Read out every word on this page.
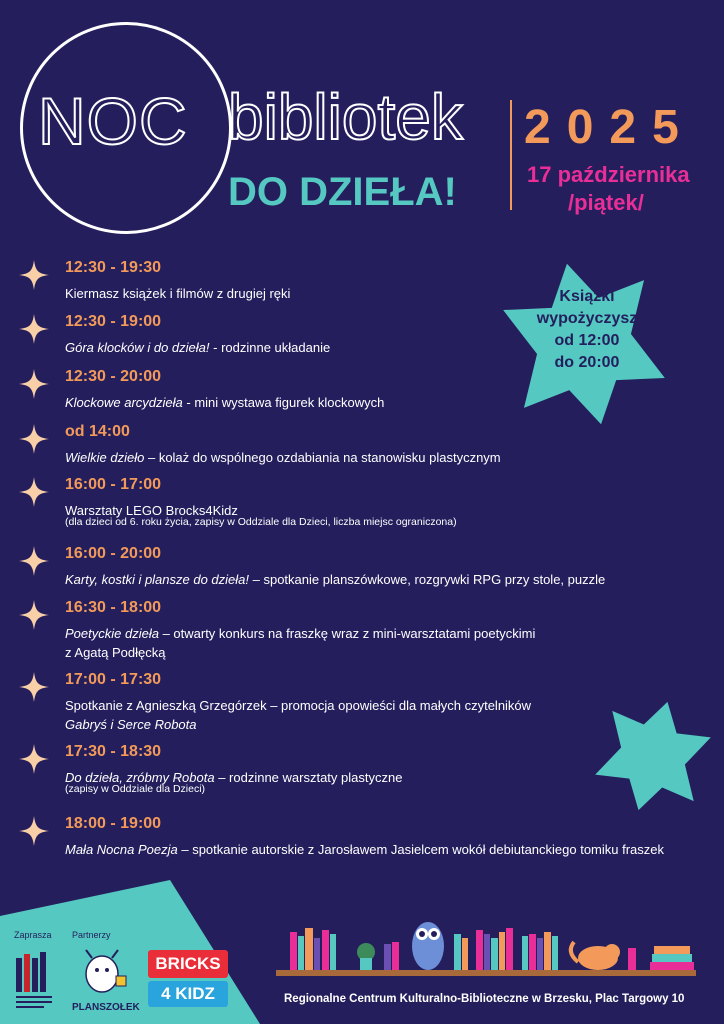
NOC bibliotek
DO DZIEŁA!
2025
17 października
/piątek/
Książki
wypożyczysz
od 12:00
do 20:00
12:30 - 19:30
Kiermasz książek i filmów z drugiej ręki
12:30 - 19:00
Góra klocków i do dzieła! - rodzinne układanie
12:30 - 20:00
Klockowe arcydzieła - mini wystawa figurek klockowych
od 14:00
Wielkie dzieło – kolaż do wspólnego ozdabiania na stanowisku plastycznym
16:00 - 17:00
Warsztaty LEGO Brocks4Kidz
(dla dzieci od 6. roku życia, zapisy w Oddziale dla Dzieci, liczba miejsc ograniczona)
16:00 - 20:00
Karty, kostki i plansze do dzieła! – spotkanie planszówkowe, rozgrywki RPG przy stole, puzzle
16:30 - 18:00
Poetyckie dzieła – otwarty konkurs na fraszkę wraz z mini-warsztatami poetyckimi
z Agatą Podłęcką
17:00 - 17:30
Spotkanie z Agnieszką Grzegórzek – promocja opowieści dla małych czytelników
Gabryś i Serce Robota
17:30 - 18:30
Do dzieła, zróbmy Robota – rodzinne warsztaty plastyczne
(zapisy w Oddziale dla Dzieci)
18:00 - 19:00
Mała Nocna Poezja – spotkanie autorskie z Jarosławem Jasielcem wokół debiutanckiego tomiku fraszek
Zaprasza Partnerzy
PLANSZOŁEK
BRICKS
4 KIDZ	Regionalne Centrum Kulturalno-Biblioteczne w Brzesku, Plac Targowy 10
